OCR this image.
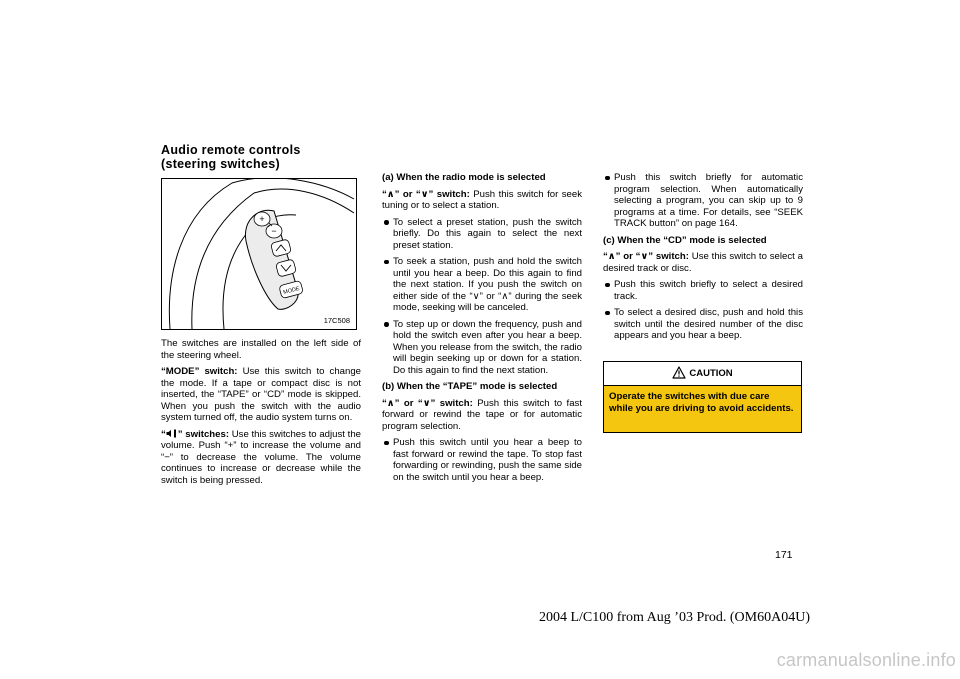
Audio remote controls
(steering switches)
+
−
MODE
17C508

The switches are installed on the left side of the steering wheel.

“MODE” switch: Use this switch to change the mode. If a tape or compact disc is not inserted, the “TAPE” or “CD” mode is skipped. When you push the switch with the audio system turned off, the audio system turns on.

“ ” switches: Use this switches to adjust the volume. Push “+” to increase the volume and “−” to decrease the volume. The volume continues to increase or decrease while the switch is being pressed.

(a) When the radio mode is selected

“∧” or “∨” switch: Push this switch for seek tuning or to select a station.

To select a preset station, push the switch briefly. Do this again to select the next preset station.
To seek a station, push and hold the switch until you hear a beep. Do this again to find the next station. If you push the switch on either side of the “∨” or “∧” during the seek mode, seeking will be canceled.
To step up or down the frequency, push and hold the switch even after you hear a beep. When you release from the switch, the radio will begin seeking up or down for a station. Do this again to find the next station.
(b) When the “TAPE” mode is selected

“∧” or “∨” switch: Push this switch to fast forward or rewind the tape or for automatic program selection.

Push this switch until you hear a beep to fast forward or rewind the tape. To stop fast forwarding or rewinding, push the same side on the switch until you hear a beep.
Push this switch briefly for automatic program selection. When automatically selecting a program, you can skip up to 9 programs at a time. For details, see “SEEK TRACK button” on page 164.
(c) When the “CD” mode is selected

“∧” or “∨” switch: Use this switch to select a desired track or disc.

Push this switch briefly to select a desired track.
To select a desired disc, push and hold this switch until the desired number of the disc appears and you hear a beep.
CAUTION
Operate the switches with due care while you are driving to avoid accidents.
171
2004 L/C100 from Aug ’03 Prod. (OM60A04U)
carmanualsonline.info
